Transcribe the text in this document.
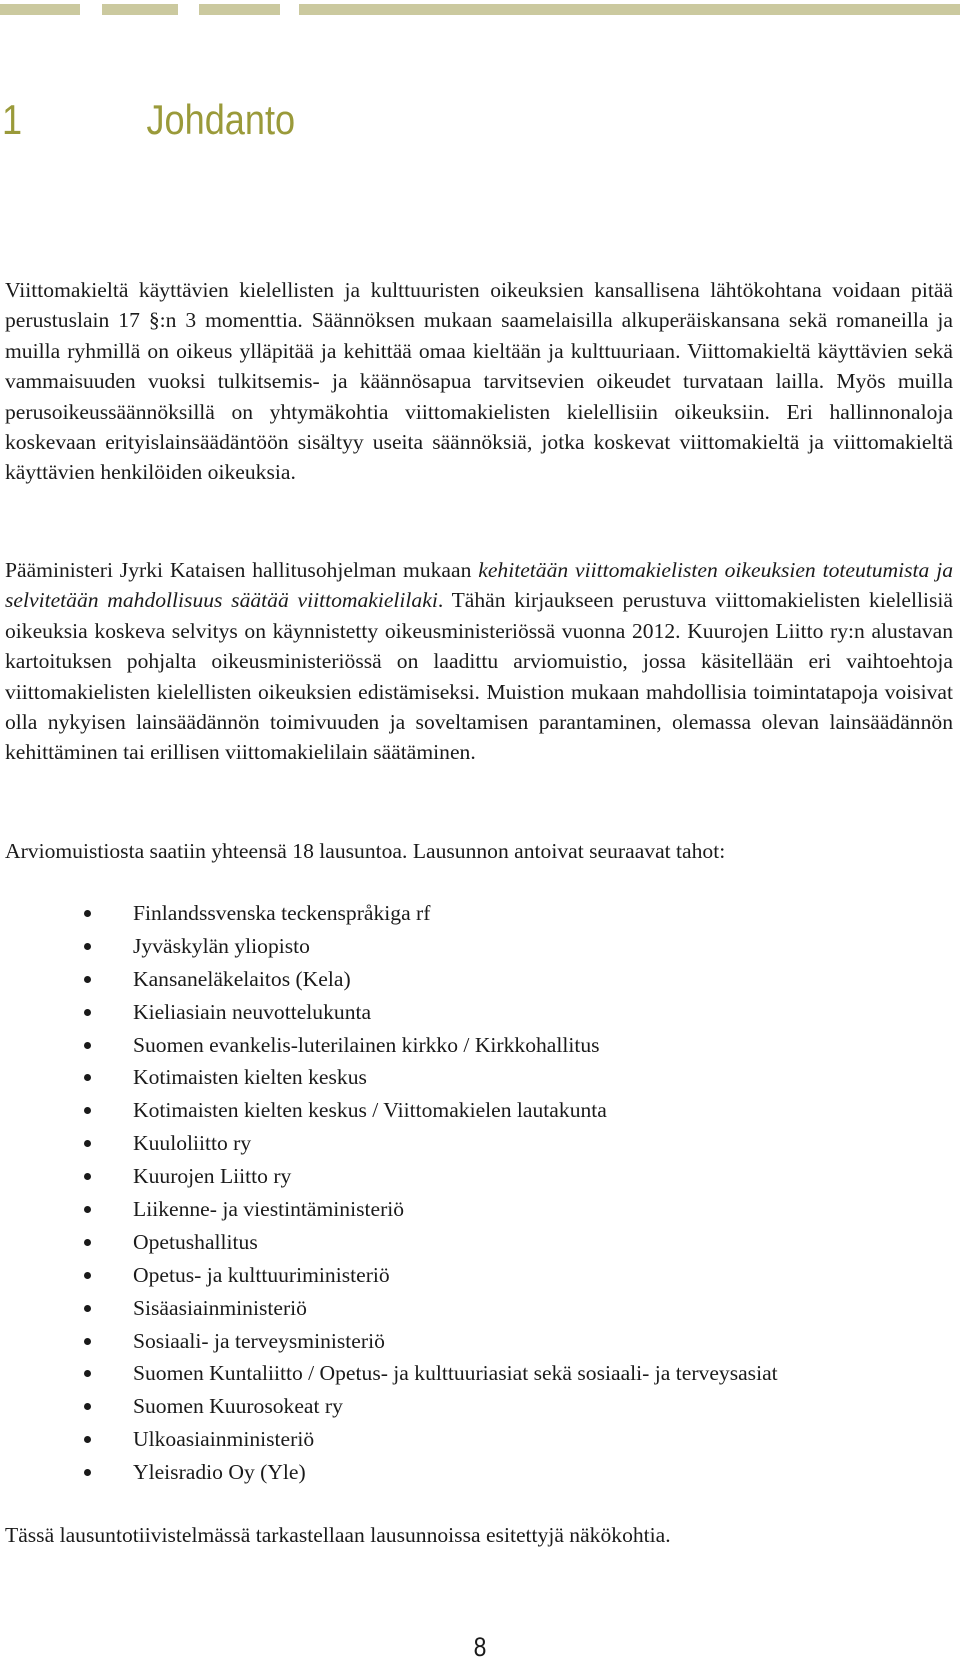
1	Johdanto

Viittomakieltä käyttävien kielellisten ja kulttuuristen oikeuksien kansallisena lähtökohtana voidaan pitää perustuslain 17 §:n 3 momenttia. Säännöksen mukaan saamelaisilla alkuperäiskansana sekä romaneilla ja muilla ryhmillä on oikeus ylläpitää ja kehittää omaa kieltään ja kulttuuriaan. Viittomakieltä käyttävien sekä vammaisuuden vuoksi tulkitsemis- ja käännösapua tarvitsevien oikeudet turvataan lailla. Myös muilla perusoikeussäännöksillä on yhtymäkohtia viittomakielisten kielellisiin oikeuksiin. Eri hallinnonaloja koskevaan erityislainsäädäntöön sisältyy useita säännöksiä, jotka koskevat viittomakieltä ja viittomakieltä käyttävien henkilöiden oikeuksia.

Pääministeri Jyrki Kataisen hallitusohjelman mukaan kehitetään viittomakielisten oikeuksien toteutumista ja selvitetään mahdollisuus säätää viittomakielilaki. Tähän kirjaukseen perustuva viittomakielisten kielellisiä oikeuksia koskeva selvitys on käynnistetty oikeusministeriössä vuonna 2012. Kuurojen Liitto ry:n alustavan kartoituksen pohjalta oikeusministeriössä on laadittu arviomuistio, jossa käsitellään eri vaihtoehtoja viittomakielisten kielellisten oikeuksien edistämiseksi. Muistion mukaan mahdollisia toimintatapoja voisivat olla nykyisen lainsäädännön toimivuuden ja soveltamisen parantaminen, olemassa olevan lainsäädännön kehittäminen tai erillisen viittomakielilain säätäminen.

Arviomuistiosta saatiin yhteensä 18 lausuntoa. Lausunnon antoivat seuraavat tahot:

Finlandssvenska teckenspråkiga rf
Jyväskylän yliopisto
Kansaneläkelaitos (Kela)
Kieliasiain neuvottelukunta
Suomen evankelis-luterilainen kirkko / Kirkkohallitus
Kotimaisten kielten keskus
Kotimaisten kielten keskus / Viittomakielen lautakunta
Kuuloliitto ry
Kuurojen Liitto ry
Liikenne- ja viestintäministeriö
Opetushallitus
Opetus- ja kulttuuriministeriö
Sisäasiainministeriö
Sosiaali- ja terveysministeriö
Suomen Kuntaliitto / Opetus- ja kulttuuriasiat sekä sosiaali- ja terveysasiat
Suomen Kuurosokeat ry
Ulkoasiainministeriö
Yleisradio Oy (Yle)

Tässä lausuntotiivistelmässä tarkastellaan lausunnoissa esitettyjä näkökohtia.

8
